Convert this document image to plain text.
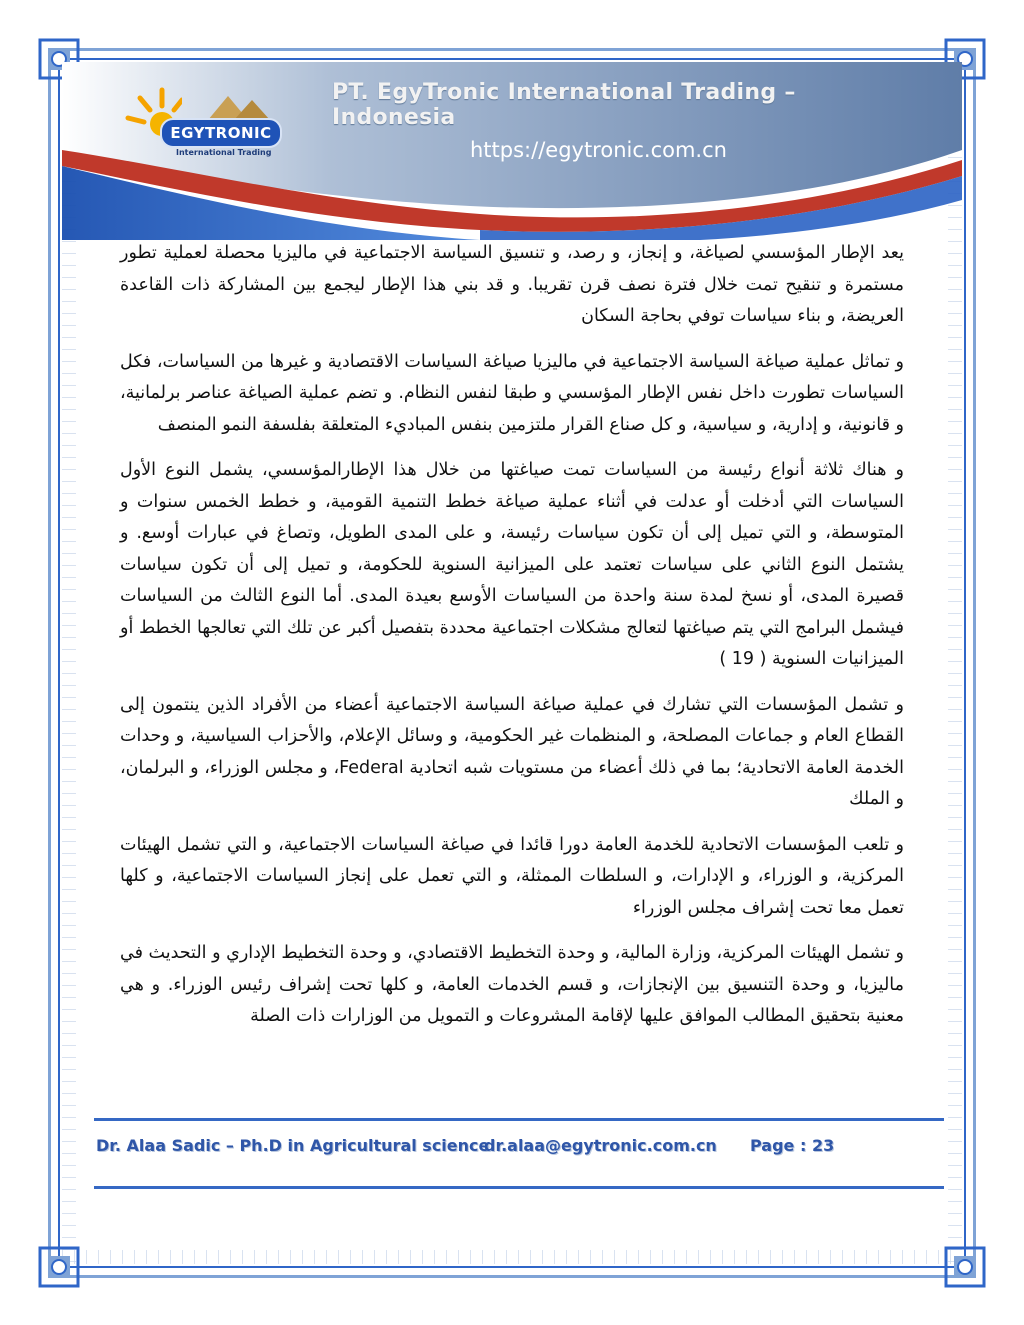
EGYTRONIC
International Trading
PT. EgyTronic International Trading – Indonesia
https://egytronic.com.cn

يعد الإطار المؤسسي لصياغة، و إنجاز، و رصد، و تنسيق السياسة الاجتماعية في ماليزيا محصلة لعملية تطور مستمرة و تنقيح تمت خلال فترة نصف قرن تقريبا. و قد بني هذا الإطار ليجمع بين المشاركة ذات القاعدة العريضة، و بناء سياسات توفي بحاجة السكان

و تماثل عملية صياغة السياسة الاجتماعية في ماليزيا صياغة السياسات الاقتصادية و غيرها من السياسات، فكل السياسات تطورت داخل نفس الإطار المؤسسي و طبقا لنفس النظام. و تضم عملية الصياغة عناصر برلمانية، و قانونية، و إدارية، و سياسية، و كل صناع القرار ملتزمين بنفس المباديء المتعلقة بفلسفة النمو المنصف

و هناك ثلاثة أنواع رئيسة من السياسات تمت صياغتها من خلال هذا الإطارالمؤسسي، يشمل النوع الأول السياسات التي أدخلت أو عدلت في أثناء عملية صياغة خطط التنمية القومية، و خطط الخمس سنوات و المتوسطة، و التي تميل إلى أن تكون سياسات رئيسة، و على المدى الطويل، وتصاغ في عبارات أوسع. و يشتمل النوع الثاني على سياسات تعتمد على الميزانية السنوية للحكومة، و تميل إلى أن تكون سياسات قصيرة المدى، أو نسخ لمدة سنة واحدة من السياسات الأوسع بعيدة المدى. أما النوع الثالث من السياسات فيشمل البرامج التي يتم صياغتها لتعالج مشكلات اجتماعية محددة بتفصيل أكبر عن تلك التي تعالجها الخطط أو الميزانيات السنوية ( 19 )

و تشمل المؤسسات التي تشارك في عملية صياغة السياسة الاجتماعية أعضاء من الأفراد الذين ينتمون إلى القطاع العام و جماعات المصلحة، و المنظمات غير الحكومية، و وسائل الإعلام، والأحزاب السياسية، و وحدات الخدمة العامة الاتحادية؛ بما في ذلك أعضاء من مستويات شبه اتحادية Federal، و مجلس الوزراء، و البرلمان، و الملك

و تلعب المؤسسات الاتحادية للخدمة العامة دورا قائدا في صياغة السياسات الاجتماعية، و التي تشمل الهيئات المركزية، و الوزراء، و الإدارات، و السلطات الممثلة، و التي تعمل على إنجاز السياسات الاجتماعية، و كلها تعمل معا تحت إشراف مجلس الوزراء

و تشمل الهيئات المركزية، وزارة المالية، و وحدة التخطيط الاقتصادي، و وحدة التخطيط الإداري و التحديث في ماليزيا، و وحدة التنسيق بين الإنجازات، و قسم الخدمات العامة، و كلها تحت إشراف رئيس الوزراء. و هي معنية بتحقيق المطالب الموافق عليها لإقامة المشروعات و التمويل من الوزارات ذات الصلة

Dr. Alaa Sadic – Ph.D in Agricultural science
dr.alaa@egytronic.com.cn Page : 23
